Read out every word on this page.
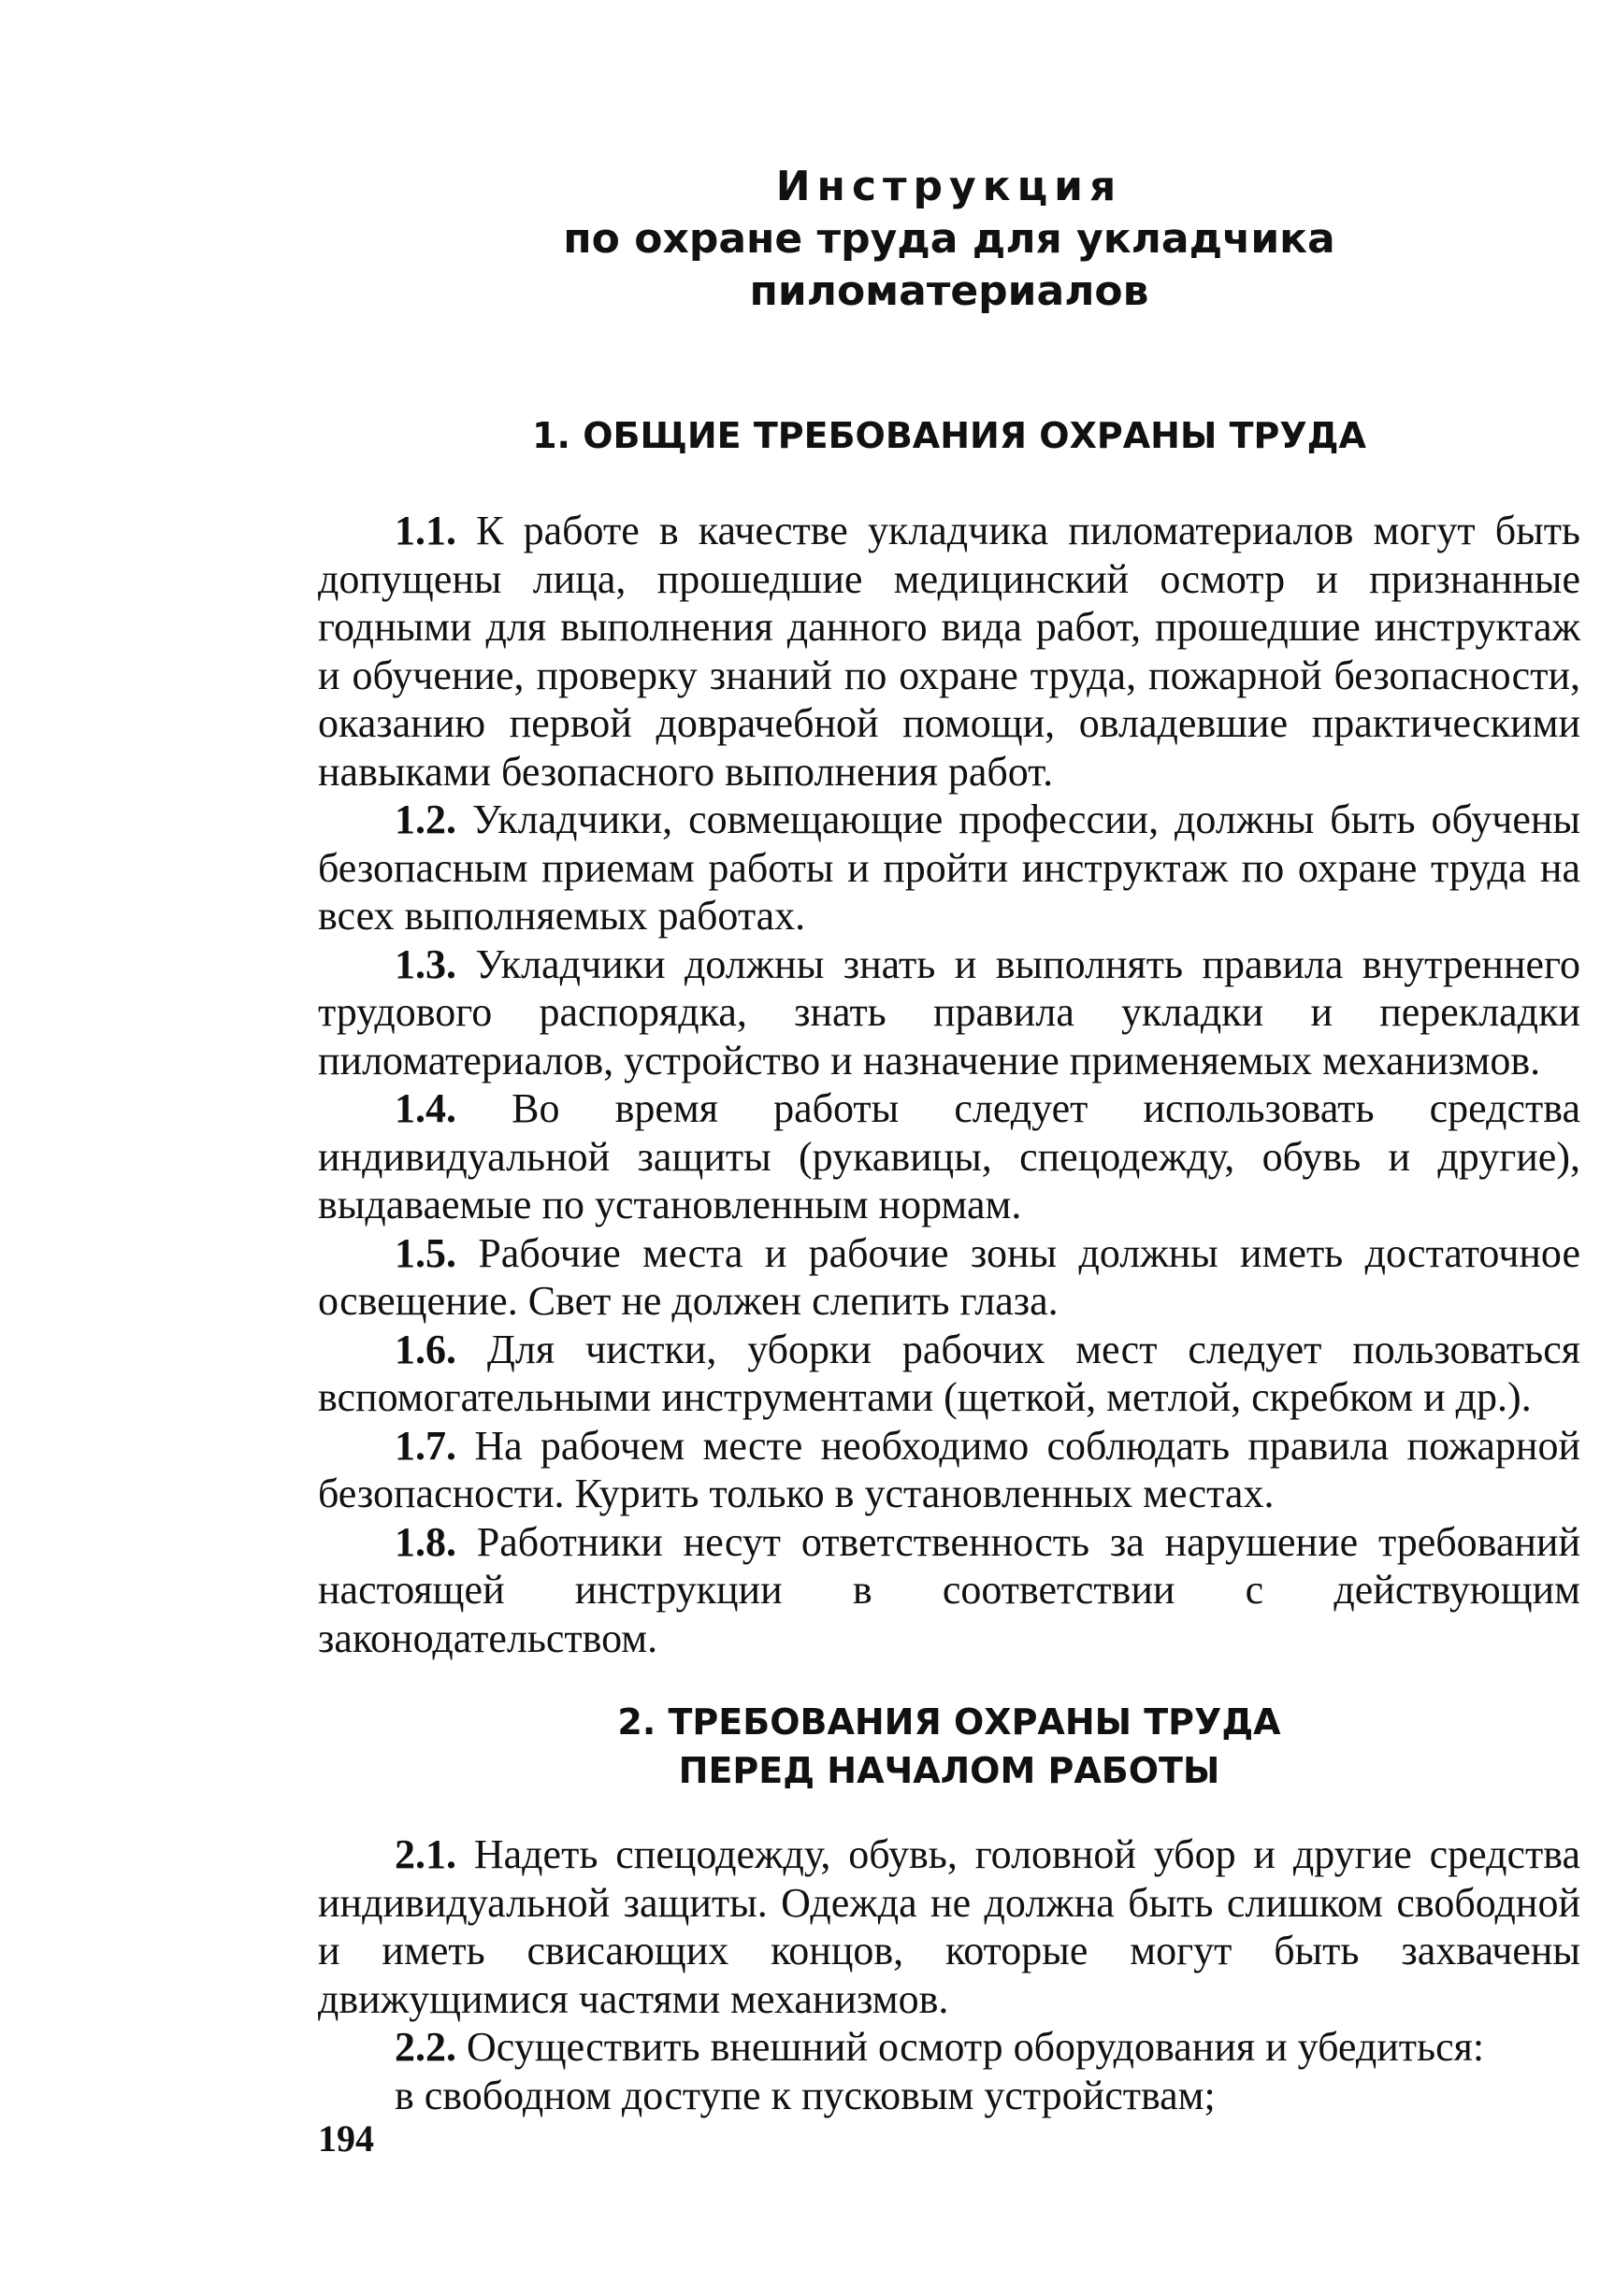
Инструкция
по охране труда для укладчика
пиломатериалов
1. ОБЩИЕ ТРЕБОВАНИЯ ОХРАНЫ ТРУДА

1.1. К работе в качестве укладчика пиломатериалов могут быть допущены лица, прошедшие медицинский осмотр и признанные годными для выполнения данного вида работ, прошедшие инструктаж и обучение, проверку знаний по охране труда, пожарной безопасности, оказанию первой доврачебной помощи, овладевшие практическими навыками безопасного выполнения работ.

1.2. Укладчики, совмещающие профессии, должны быть обучены безопасным приемам работы и пройти инструктаж по охране труда на всех выполняемых работах.

1.3. Укладчики должны знать и выполнять правила внутреннего трудового распорядка, знать правила укладки и перекладки пиломатериалов, устройство и назначение применяемых механизмов.

1.4. Во время работы следует использовать средства индивидуальной защиты (рукавицы, спецодежду, обувь и другие), выдаваемые по установленным нормам.

1.5. Рабочие места и рабочие зоны должны иметь достаточное освещение. Свет не должен слепить глаза.

1.6. Для чистки, уборки рабочих мест следует пользоваться вспомогательными инструментами (щеткой, метлой, скребком и др.).

1.7. На рабочем месте необходимо соблюдать правила пожарной безопасности. Курить только в установленных местах.

1.8. Работники несут ответственность за нарушение требований настоящей инструкции в соответствии с действующим законодательством.

2. ТРЕБОВАНИЯ ОХРАНЫ ТРУДА
ПЕРЕД НАЧАЛОМ РАБОТЫ

2.1. Надеть спецодежду, обувь, головной убор и другие средства индивидуальной защиты. Одежда не должна быть слишком свободной и иметь свисающих концов, которые могут быть захвачены движущимися частями механизмов.

2.2. Осуществить внешний осмотр оборудования и убедиться:

в свободном доступе к пусковым устройствам;

194
